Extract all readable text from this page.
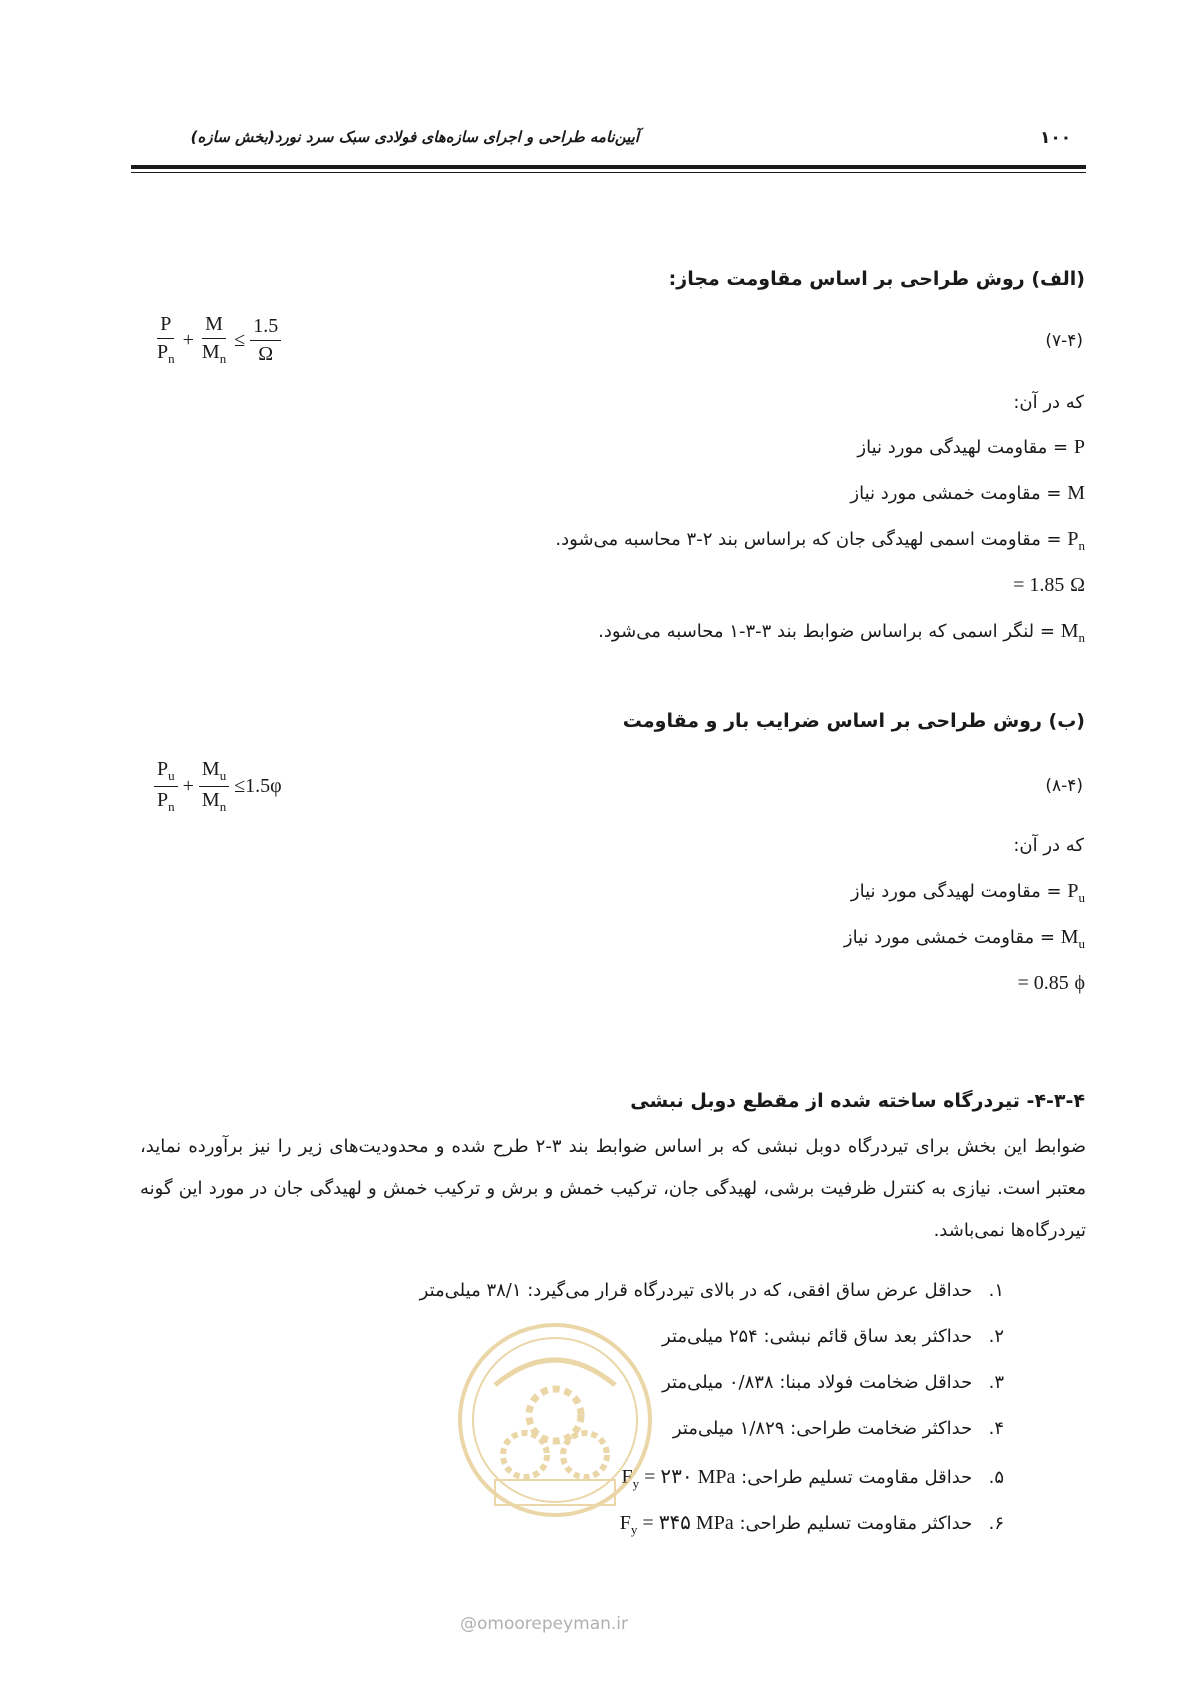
۱۰۰
آیین‌نامه طراحی و اجرای سازه‌های فولادی سبک سرد نورد(بخش سازه)
(الف) روش طراحی بر اساس مقاومت مجاز:
$\frac{P}{P_n} + \frac{M}{M_n} \le \frac{1.5}{\Omega}$	(۷-۴)
که در آن:
P = مقاومت لهیدگی مورد نیاز
M = مقاومت خمشی مورد نیاز
$P_n$ = مقاومت اسمی لهیدگی جان که براساس بند ۲-۳ محاسبه می‌شود.
Ω = 1.85
$M_n$ = لنگر اسمی که براساس ضوابط بند ۳-۳-۱ محاسبه می‌شود.
(ب) روش طراحی بر اساس ضرایب بار و مقاومت
$\frac{P_u}{P_n} + \frac{M_u}{M_n} \le 1.5\varphi$	(۸-۴)
که در آن:
$P_u$ = مقاومت لهیدگی مورد نیاز
$M_u$ = مقاومت خمشی مورد نیاز
ϕ = 0.85
۴-۳-۴- تیردرگاه ساخته شده از مقطع دوبل نبشی
ضوابط این بخش برای تیردرگاه دوبل نبشی که بر اساس ضوابط بند ۳-۲ طرح شده و محدودیت‌های زیر را نیز برآورده نماید، معتبر است. نیازی به کنترل ظرفیت برشی، لهیدگی جان، ترکیب خمش و برش و ترکیب خمش و لهیدگی جان در مورد این گونه تیردرگاه‌ها نمی‌باشد.
۱. حداقل عرض ساق افقی، که در بالای تیردرگاه قرار می‌گیرد: ۳۸/۱ میلی‌متر
۲. حداکثر بعد ساق قائم نبشی: ۲۵۴ میلی‌متر
۳. حداقل ضخامت فولاد مبنا: ۰/۸۳۸ میلی‌متر
۴. حداکثر ضخامت طراحی: ۱/۸۲۹ میلی‌متر
۵. حداقل مقاومت تسلیم طراحی: $F_y$ = ۲۳۰ MPa
۶. حداکثر مقاومت تسلیم طراحی: $F_y$ = ۳۴۵ MPa
@omoorepeyman.ir
